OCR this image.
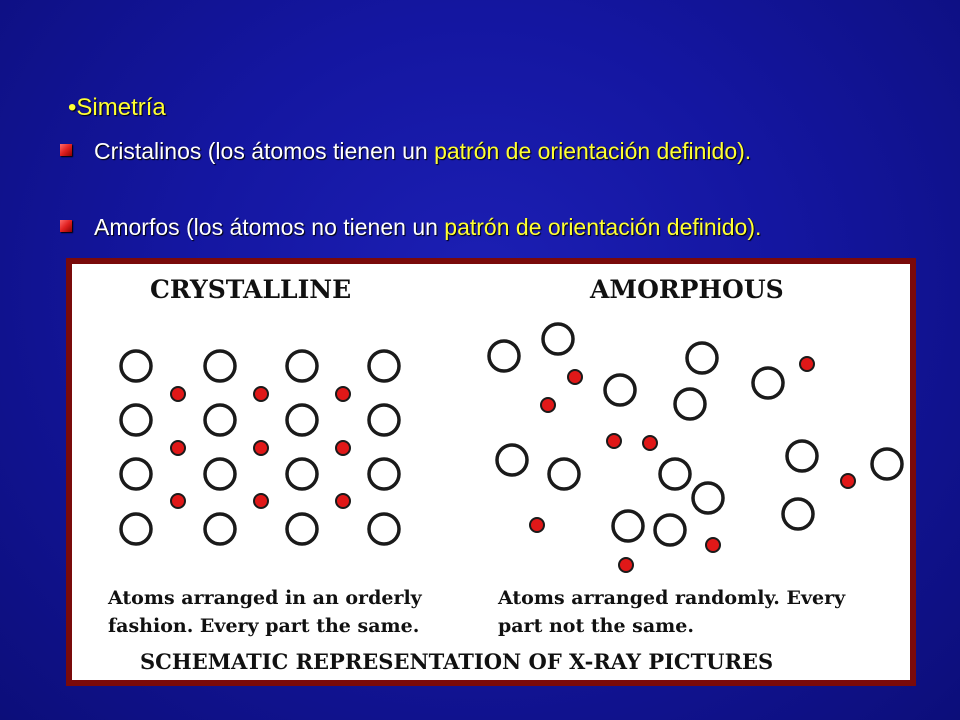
•Simetría
Cristalinos (los átomos tienen un patrón de orientación definido).
Amorfos (los átomos no tienen un patrón de orientación definido).
CRYSTALLINE	AMORPHOUS
Atoms arranged in an orderly
fashion. Every part the same.
Atoms arranged randomly. Every
part not the same.
SCHEMATIC REPRESENTATION OF X-RAY PICTURES
